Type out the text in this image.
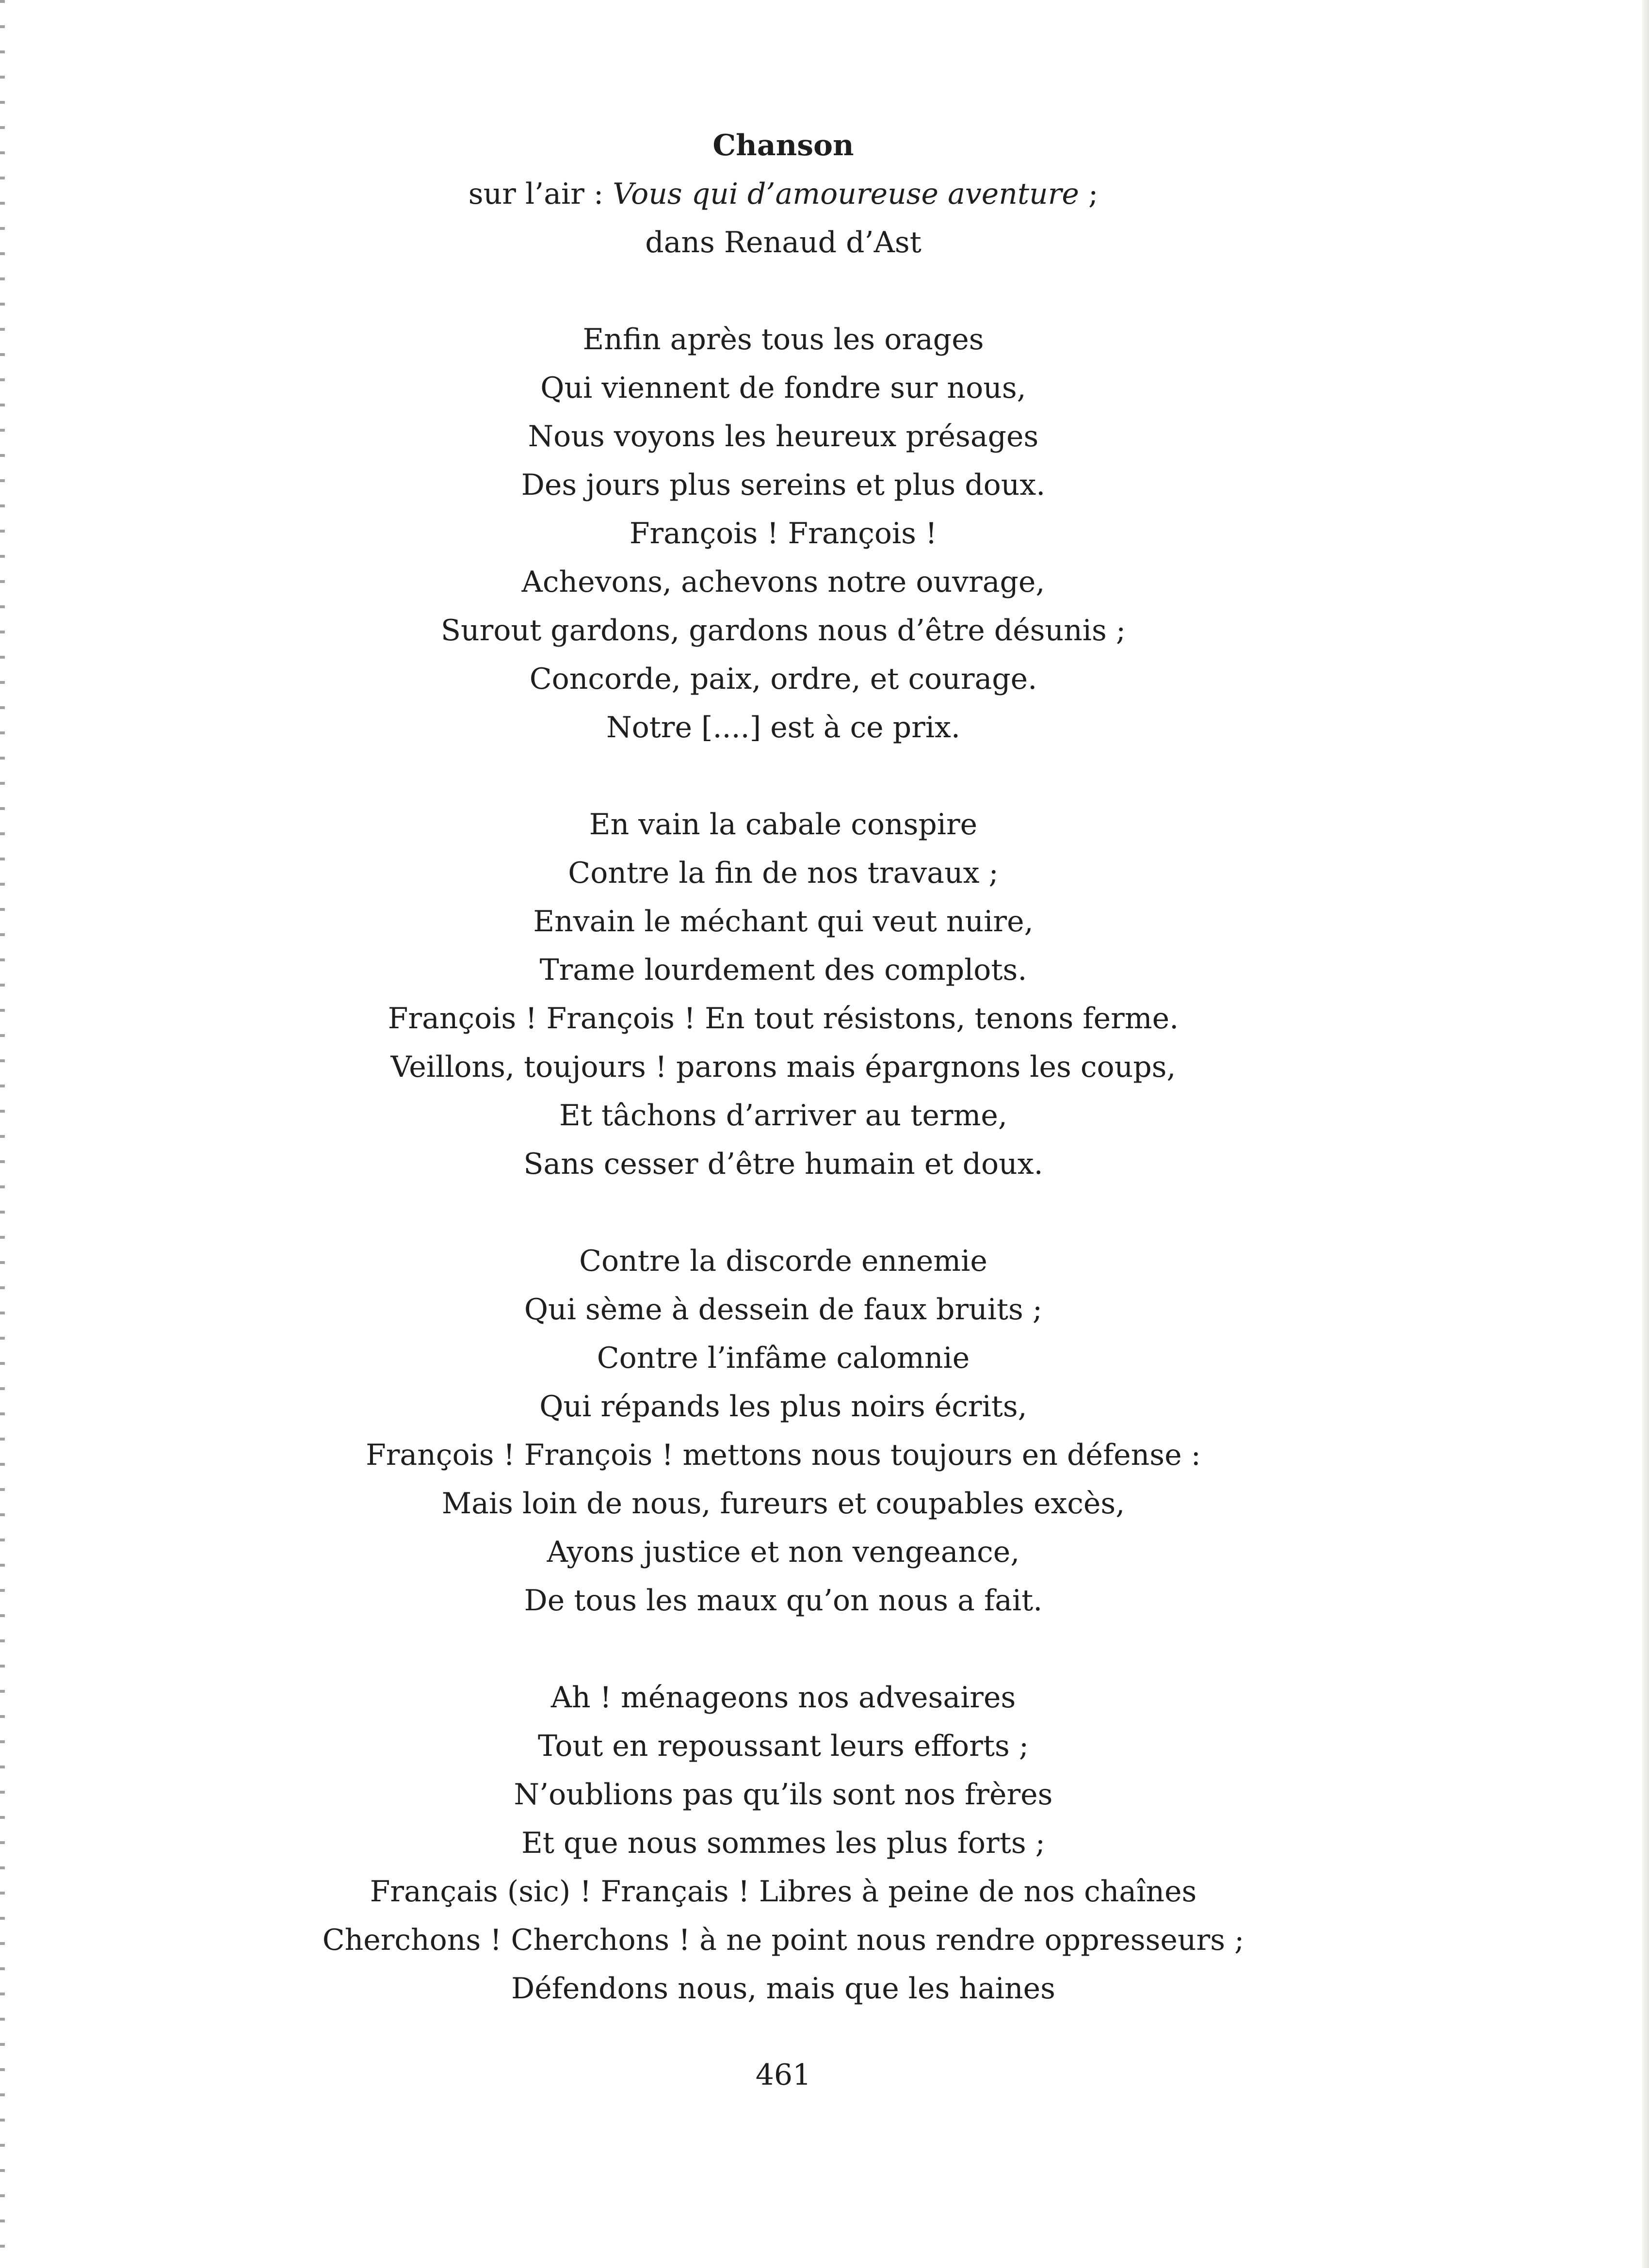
Chanson
sur l’air : Vous qui d’amoureuse aventure ;
dans Renaud d’Ast
Enfin après tous les orages
Qui viennent de fondre sur nous,
Nous voyons les heureux présages
Des jours plus sereins et plus doux.
François ! François !
Achevons, achevons notre ouvrage,
Surout gardons, gardons nous d’être désunis ;
Concorde, paix, ordre, et courage.
Notre [....] est à ce prix.
En vain la cabale conspire
Contre la fin de nos travaux ;
Envain le méchant qui veut nuire,
Trame lourdement des complots.
François ! François ! En tout résistons, tenons ferme.
Veillons, toujours ! parons mais épargnons les coups,
Et tâchons d’arriver au terme,
Sans cesser d’être humain et doux.
Contre la discorde ennemie
Qui sème à dessein de faux bruits ;
Contre l’infâme calomnie
Qui répands les plus noirs écrits,
François ! François ! mettons nous toujours en défense :
Mais loin de nous, fureurs et coupables excès,
Ayons justice et non vengeance,
De tous les maux qu’on nous a fait.
Ah ! ménageons nos advesaires
Tout en repoussant leurs efforts ;
N’oublions pas qu’ils sont nos frères
Et que nous sommes les plus forts ;
Français (sic) ! Français ! Libres à peine de nos chaînes
Cherchons ! Cherchons ! à ne point nous rendre oppresseurs ;
Défendons nous, mais que les haines
461
